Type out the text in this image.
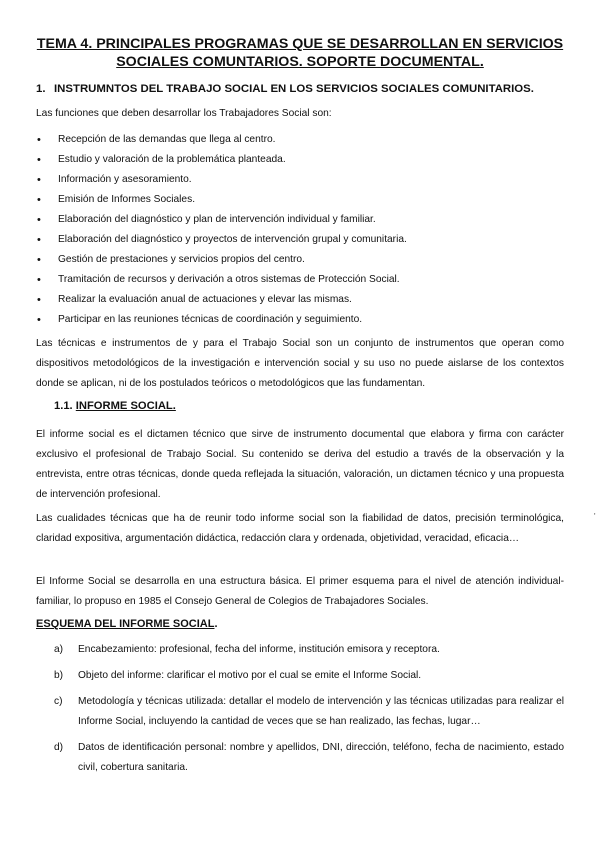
TEMA 4. PRINCIPALES PROGRAMAS QUE SE DESARROLLAN EN SERVICIOS SOCIALES COMUNTARIOS. SOPORTE DOCUMENTAL.
1. INSTRUMNTOS DEL TRABAJO SOCIAL EN LOS SERVICIOS SOCIALES COMUNITARIOS.
Las funciones que deben desarrollar los Trabajadores Social son:
• Recepción de las demandas que llega al centro.
• Estudio y valoración de la problemática planteada.
• Información y asesoramiento.
• Emisión de Informes Sociales.
• Elaboración del diagnóstico y plan de intervención individual y familiar.
• Elaboración del diagnóstico y proyectos de intervención grupal y comunitaria.
• Gestión de prestaciones y servicios propios del centro.
• Tramitación de recursos y derivación a otros sistemas de Protección Social.
• Realizar la evaluación anual de actuaciones y elevar las mismas.
• Participar en las reuniones técnicas de coordinación y seguimiento.
Las técnicas e instrumentos de y para el Trabajo Social son un conjunto de instrumentos que operan como dispositivos metodológicos de la investigación e intervención social y su uso no puede aislarse de los contextos donde se aplican, ni de los postulados teóricos o metodológicos que las fundamentan.
1.1. INFORME SOCIAL.
El informe social es el dictamen técnico que sirve de instrumento documental que elabora y firma con carácter exclusivo el profesional de Trabajo Social. Su contenido se deriva del estudio a través de la observación y la entrevista, entre otras técnicas, donde queda reflejada la situación, valoración, un dictamen técnico y una propuesta de intervención profesional.
Las cualidades técnicas que ha de reunir todo informe social son la fiabilidad de datos, precisión terminológica, claridad expositiva, argumentación didáctica, redacción clara y ordenada, objetividad, veracidad, eficacia…
El Informe Social se desarrolla en una estructura básica. El primer esquema para el nivel de atención individual-familiar, lo propuso en 1985 el Consejo General de Colegios de Trabajadores Sociales.
ESQUEMA DEL INFORME SOCIAL.
a) Encabezamiento: profesional, fecha del informe, institución emisora y receptora.
b) Objeto del informe: clarificar el motivo por el cual se emite el Informe Social.
c) Metodología y técnicas utilizada: detallar el modelo de intervención y las técnicas utilizadas para realizar el Informe Social, incluyendo la cantidad de veces que se han realizado, las fechas, lugar…
d) Datos de identificación personal: nombre y apellidos, DNI, dirección, teléfono, fecha de nacimiento, estado civil, cobertura sanitaria.
'
